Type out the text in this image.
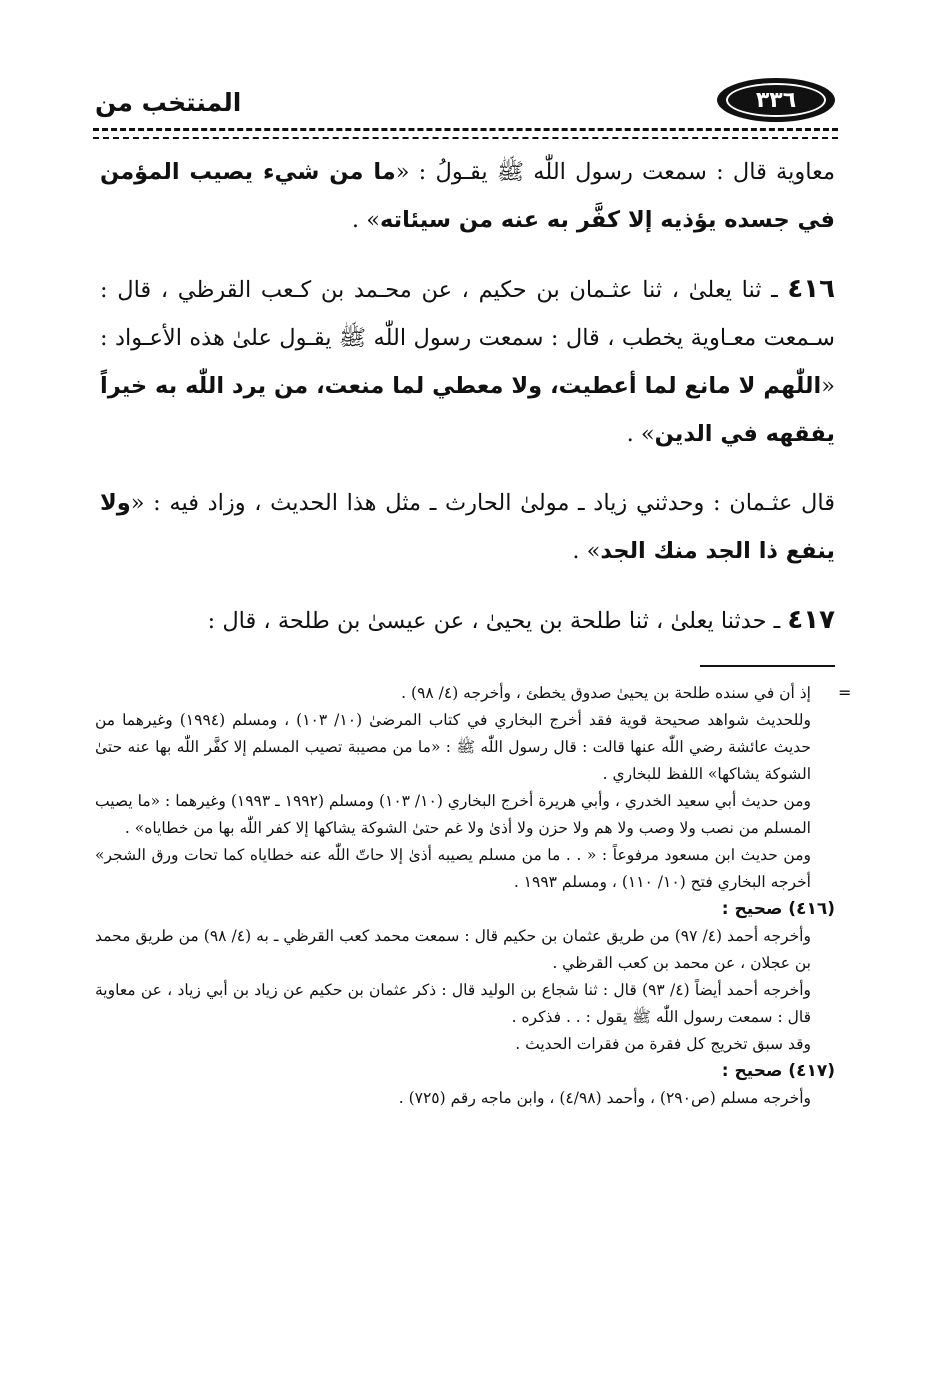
المنتخب من	٣٣٦

معاوية قال : سمعت رسول اللّٰه ﷺ يقـولُ : «ما من شيء يصيب المؤمن في جسده يؤذيه إلا كفَّر به عنه من سيئاته» .

٤١٦ ـ ثنا يعلىٰ ، ثنا عثـمان بن حكيم ، عن محـمد بن كـعب القرظي ، قال : سـمعت معـاوية يخطب ، قال : سمعت رسول اللّٰه ﷺ يقـول علىٰ هذه الأعـواد : «اللّٰهم لا مانع لما أعطيت، ولا معطي لما منعت، من يرد اللّٰه به خيراً يفقهه في الدين» .

قال عثـمان : وحدثني زياد ـ مولىٰ الحارث ـ مثل هذا الحديث ، وزاد فيه : «ولا ينفع ذا الجد منك الجد» .

٤١٧ ـ حدثنا يعلىٰ ، ثنا طلحة بن يحيىٰ ، عن عيسىٰ بن طلحة ، قال :

=

إذ أن في سنده طلحة بن يحيىٰ صدوق يخطئ ، وأخرجه (٤/ ٩٨) .

وللحديث شواهد صحيحة قوية فقد أخرج البخاري في كتاب المرضىٰ (١٠/ ١٠٣) ، ومسلم (١٩٩٤) وغيرهما من حديث عائشة رضي اللّٰه عنها قالت : قال رسول اللّٰه ﷺ : «ما من مصيبة تصيب المسلم إلا كفَّر اللّٰه بها عنه حتىٰ الشوكة يشاكها» اللفظ للبخاري .

ومن حديث أبي سعيد الخدري ، وأبي هريرة أخرج البخاري (١٠/ ١٠٣) ومسلم (١٩٩٢ ـ ١٩٩٣) وغيرهما : «ما يصيب المسلم من نصب ولا وصب ولا هم ولا حزن ولا أذىٰ ولا غم حتىٰ الشوكة يشاكها إلا كفر اللّٰه بها من خطاياه» .

ومن حديث ابن مسعود مرفوعاً : « . . ما من مسلم يصيبه أذىٰ إلا حاتّ اللّٰه عنه خطاياه كما تحات ورق الشجر» أخرجه البخاري فتح (١٠/ ١١٠) ، ومسلم ١٩٩٣ .

(٤١٦) صحيح :

وأخرجه أحمد (٤/ ٩٧) من طريق عثمان بن حكيم قال : سمعت محمد كعب القرظي ـ به (٤/ ٩٨) من طريق محمد بن عجلان ، عن محمد بن كعب القرظي .

وأخرجه أحمد أيضاً (٤/ ٩٣) قال : ثنا شجاع بن الوليد قال : ذكر عثمان بن حكيم عن زياد بن أبي زياد ، عن معاوية قال : سمعت رسول اللّٰه ﷺ يقول : . . فذكره .

وقد سبق تخريج كل فقرة من فقرات الحديث .

(٤١٧) صحيح :

وأخرجه مسلم (ص٢٩٠) ، وأحمد (٤/٩٨) ، وابن ماجه رقم (٧٢٥) .
